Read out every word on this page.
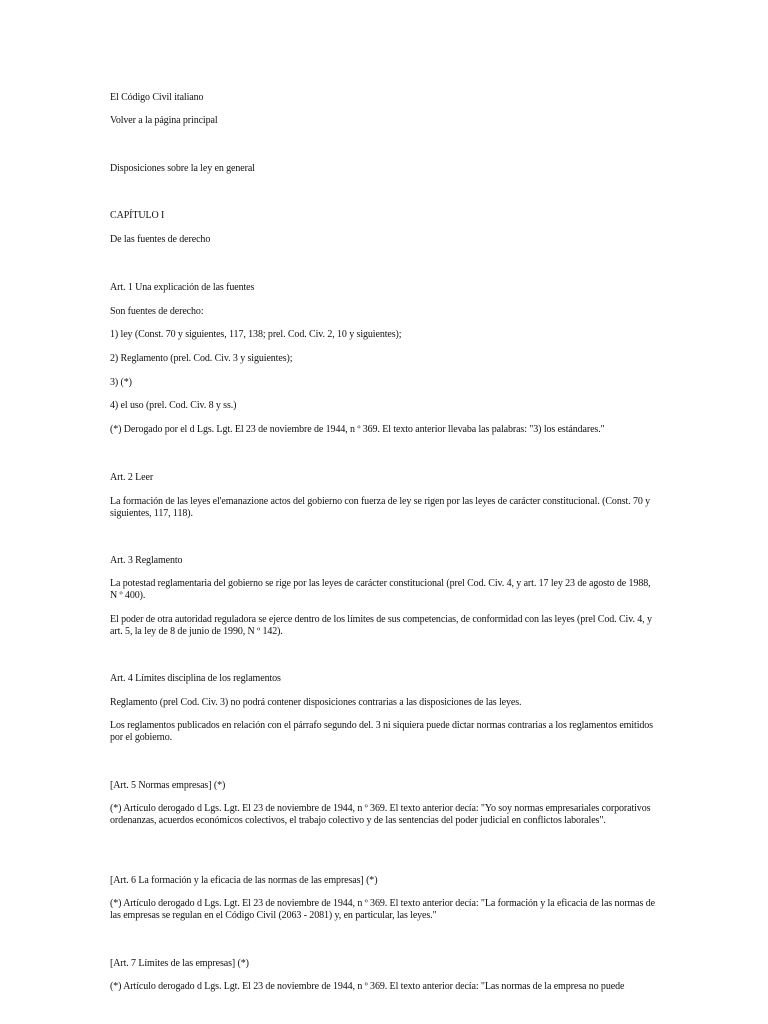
El Código Civil italiano

Volver a la página principal

Disposiciones sobre la ley en general

CAPÍTULO I

De las fuentes de derecho

Art. 1 Una explicación de las fuentes

Son fuentes de derecho:

1) ley (Const. 70 y siguientes, 117, 138; prel. Cod. Civ. 2, 10 y siguientes);

2) Reglamento (prel. Cod. Civ. 3 y siguientes);

3) (*)

4) el uso (prel. Cod. Civ. 8 y ss.)

(*) Derogado por el d Lgs. Lgt. El 23 de noviembre de 1944, n º 369. El texto anterior llevaba las palabras: "3) los estándares."

Art. 2 Leer

La formación de las leyes el'emanazione actos del gobierno con fuerza de ley se rigen por las leyes de carácter constitucional. (Const. 70 y siguientes, 117, 118).

Art. 3 Reglamento

La potestad reglamentaria del gobierno se rige por las leyes de carácter constitucional (prel Cod. Civ. 4, y art. 17 ley 23 de agosto de 1988, N º 400).

El poder de otra autoridad reguladora se ejerce dentro de los límites de sus competencias, de conformidad con las leyes (prel Cod. Civ. 4, y art. 5, la ley de 8 de junio de 1990, N º 142).

Art. 4 Límites disciplina de los reglamentos

Reglamento (prel Cod. Civ. 3) no podrá contener disposiciones contrarias a las disposiciones de las leyes.

Los reglamentos publicados en relación con el párrafo segundo del. 3 ni siquiera puede dictar normas contrarias a los reglamentos emitidos por el gobierno.

[Art. 5 Normas empresas] (*)

(*) Artículo derogado d Lgs. Lgt. El 23 de noviembre de 1944, n º 369. El texto anterior decía: "Yo soy normas empresariales corporativos ordenanzas, acuerdos económicos colectivos, el trabajo colectivo y de las sentencias del poder judicial en conflictos laborales".

[Art. 6 La formación y la eficacia de las normas de las empresas] (*)

(*) Artículo derogado d Lgs. Lgt. El 23 de noviembre de 1944, n º 369. El texto anterior decía: "La formación y la eficacia de las normas de las empresas se regulan en el Código Civil (2063 - 2081) y, en particular, las leyes."

[Art. 7 Límites de las empresas] (*)

(*) Artículo derogado d Lgs. Lgt. El 23 de noviembre de 1944, n º 369. El texto anterior decía: "Las normas de la empresa no puede
